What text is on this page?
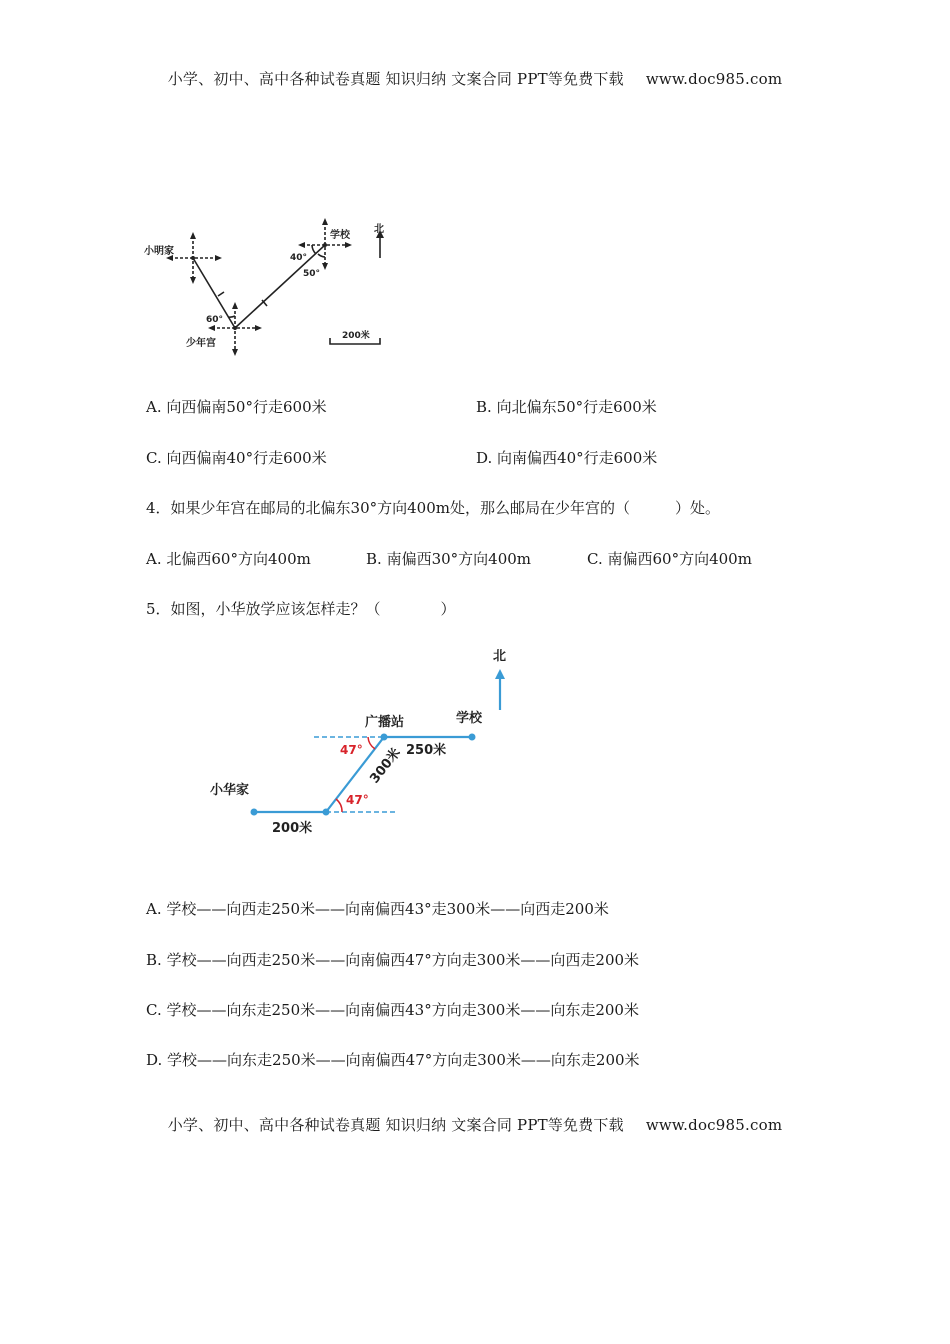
小学、初中、高中各种试卷真题 知识归纳 文案合同 PPT等免费下载 www.doc985.com
小明家
学校
少年宫
北
40°
50°
60°
200米
A. 向西偏南50°行走600米	B. 向北偏东50°行走600米
C. 向西偏南40°行走600米	D. 向南偏西40°行走600米
4．如果少年宫在邮局的北偏东30°方向400m处，那么邮局在少年宫的（　　　）处。
A. 北偏西60°方向400m	B. 南偏西30°方向400m	C. 南偏西60°方向400m
5．如图，小华放学应该怎样走？（　　　　）
北
广播站	学校
小华家
250米
200米
300米
47°
47°
A. 学校——向西走250米——向南偏西43°走300米——向西走200米
B. 学校——向西走250米——向南偏西47°方向走300米——向西走200米
C. 学校——向东走250米——向南偏西43°方向走300米——向东走200米
D. 学校——向东走250米——向南偏西47°方向走300米——向东走200米
小学、初中、高中各种试卷真题 知识归纳 文案合同 PPT等免费下载 www.doc985.com
